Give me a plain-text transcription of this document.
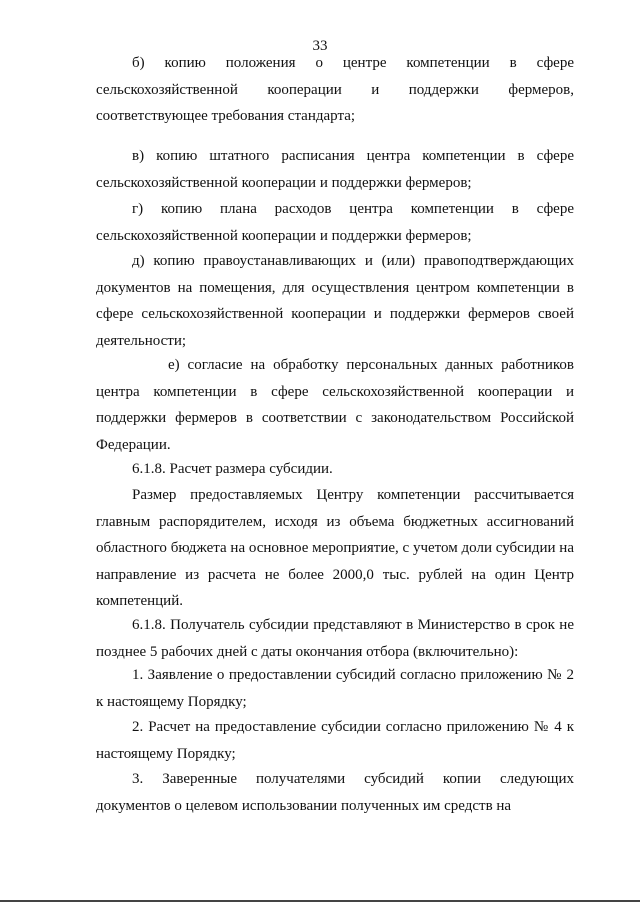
33

б) копию положения о центре компетенции в сфере сельскохозяйственной кооперации и поддержки фермеров, соответствующее требования стандарта;

в) копию штатного расписания центра компетенции в сфере сельскохозяйственной кооперации и поддержки фермеров;

г) копию плана расходов центра компетенции в сфере сельскохозяйственной кооперации и поддержки фермеров;

д) копию правоустанавливающих и (или) правоподтверждающих документов на помещения, для осуществления центром компетенции в сфере сельскохозяйственной кооперации и поддержки фермеров своей деятельности;

е) согласие на обработку персональных данных работников центра компетенции в сфере сельскохозяйственной кооперации и поддержки фермеров в соответствии с законодательством Российской Федерации.

6.1.8. Расчет размера субсидии.

Размер предоставляемых Центру компетенции рассчитывается главным распорядителем, исходя из объема бюджетных ассигнований областного бюджета на основное мероприятие, с учетом доли субсидии на направление из расчета не более 2000,0 тыс. рублей на один Центр компетенций.

6.1.8. Получатель субсидии представляют в Министерство в срок не позднее 5 рабочих дней с даты окончания отбора (включительно):

1. Заявление о предоставлении субсидий согласно приложению № 2 к настоящему Порядку;

2. Расчет на предоставление субсидии согласно приложению № 4 к настоящему Порядку;

3. Заверенные получателями субсидий копии следующих документов о целевом использовании полученных им средств на
